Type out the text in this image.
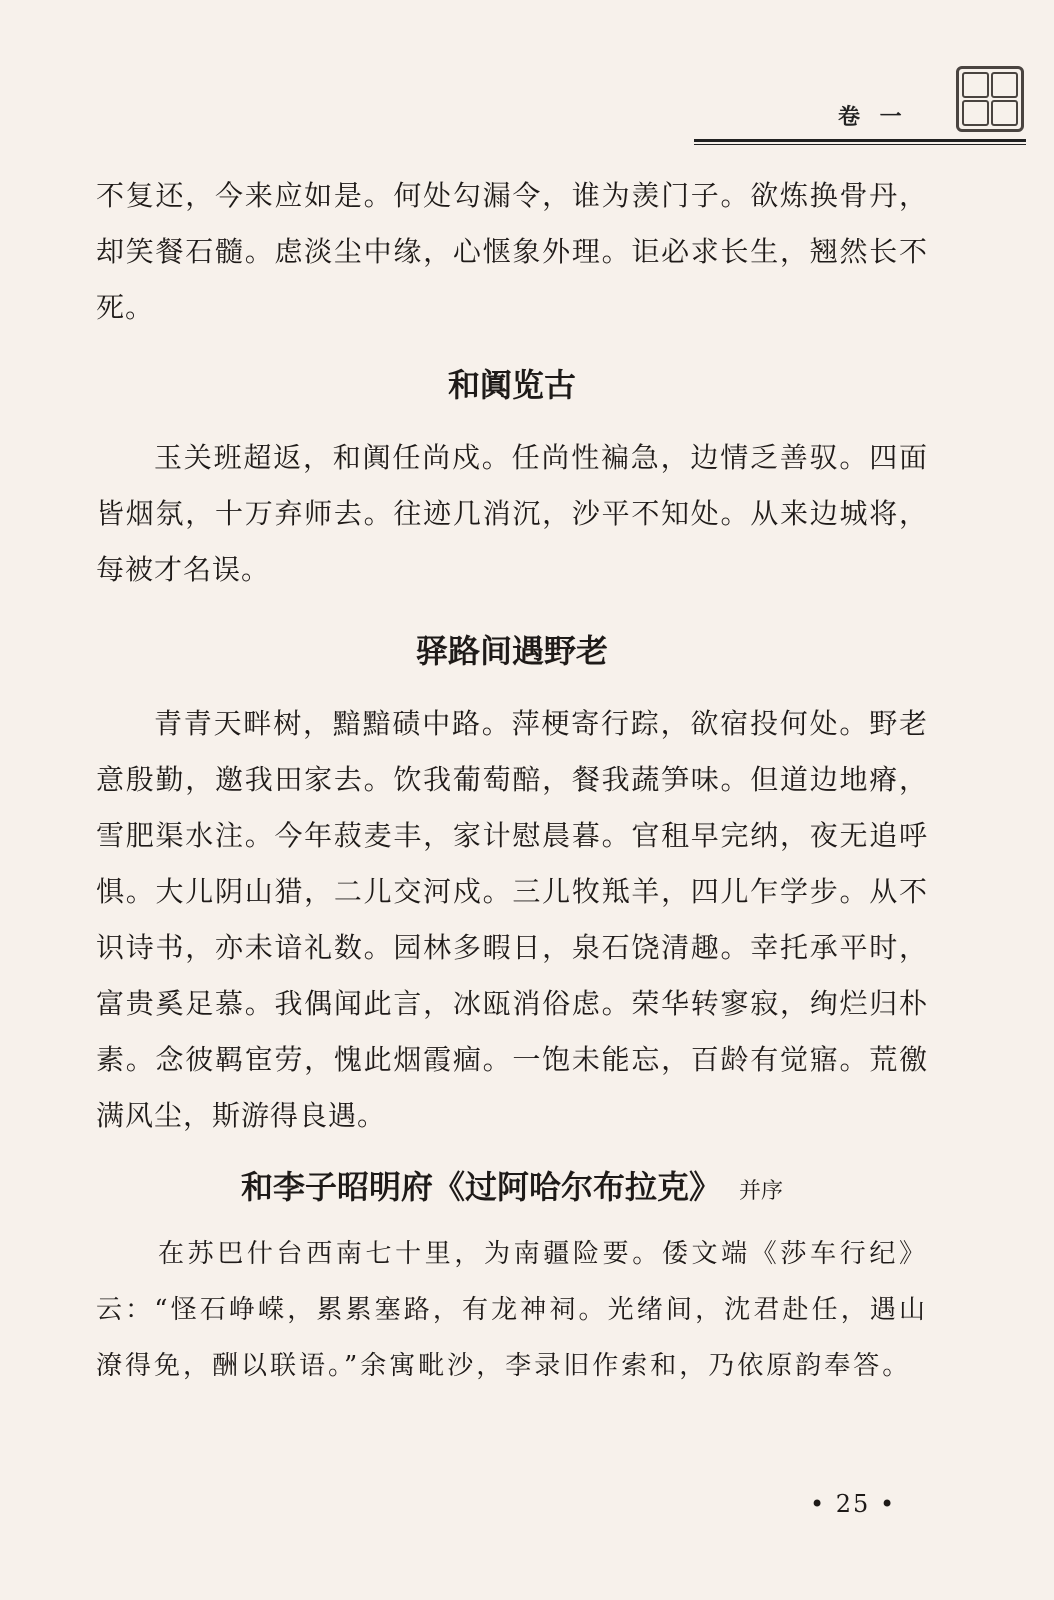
卷 一

不复还，今来应如是。何处勾漏令，谁为羡门子。欲炼换骨丹，却笑餐石髓。虑淡尘中缘，心惬象外理。讵必求长生，翘然长不死。

和阗览古

玉关班超返，和阗任尚戍。任尚性褊急，边情乏善驭。四面皆烟氛，十万弃师去。往迹几消沉，沙平不知处。从来边城将，每被才名误。

驿路间遇野老

青青天畔树，黯黯碛中路。萍梗寄行踪，欲宿投何处。野老意殷勤，邀我田家去。饮我葡萄醅，餐我蔬笋味。但道边地瘠，雪肥渠水注。今年菽麦丰，家计慰晨暮。官租早完纳，夜无追呼惧。大儿阴山猎，二儿交河戍。三儿牧羝羊，四儿乍学步。从不识诗书，亦未谙礼数。园林多暇日，泉石饶清趣。幸托承平时，富贵奚足慕。我偶闻此言，冰瓯消俗虑。荣华转寥寂，绚烂归朴素。念彼羁宦劳，愧此烟霞痼。一饱未能忘，百龄有觉寤。荒徼满风尘，斯游得良遇。

和李子昭明府《过阿哈尔布拉克》 并序

在苏巴什台西南七十里，为南疆险要。倭文端《莎车行纪》云：“怪石峥嵘，累累塞路，有龙神祠。光绪间，沈君赴任，遇山潦得免，酬以联语。”余寓毗沙，李录旧作索和，乃依原韵奉答。

• 25 •
